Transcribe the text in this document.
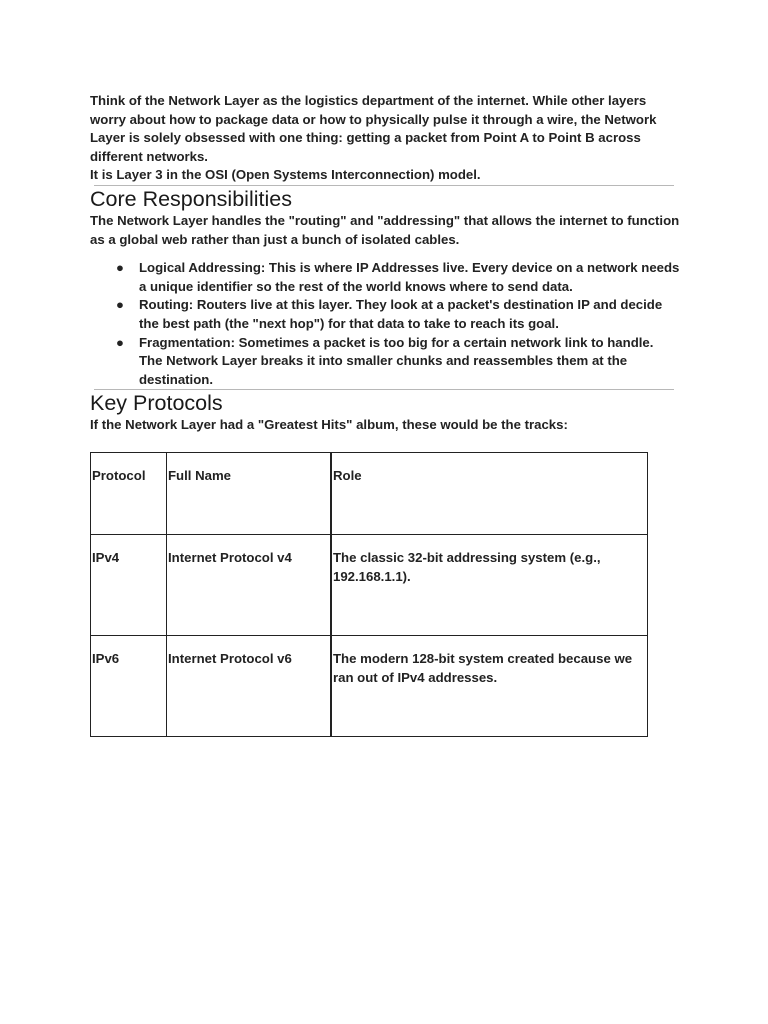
Think of the Network Layer as the logistics department of the internet. While other layers worry about how to package data or how to physically pulse it through a wire, the Network Layer is solely obsessed with one thing: getting a packet from Point A to Point B across different networks.

It is Layer 3 in the OSI (Open Systems Interconnection) model.

Core Responsibilities

The Network Layer handles the "routing" and "addressing" that allows the internet to function as a global web rather than just a bunch of isolated cables.

● Logical Addressing: This is where IP Addresses live. Every device on a network needs a unique identifier so the rest of the world knows where to send data.
● Routing: Routers live at this layer. They look at a packet's destination IP and decide the best path (the "next hop") for that data to take to reach its goal.
● Fragmentation: Sometimes a packet is too big for a certain network link to handle. The Network Layer breaks it into smaller chunks and reassembles them at the destination.
Key Protocols

If the Network Layer had a "Greatest Hits" album, these would be the tracks:

Protocol	Full Name	Role
IPv4	Internet Protocol v4	The classic 32-bit addressing system (e.g., 192.168.1.1).
IPv6	Internet Protocol v6	The modern 128-bit system created because we ran out of IPv4 addresses.
